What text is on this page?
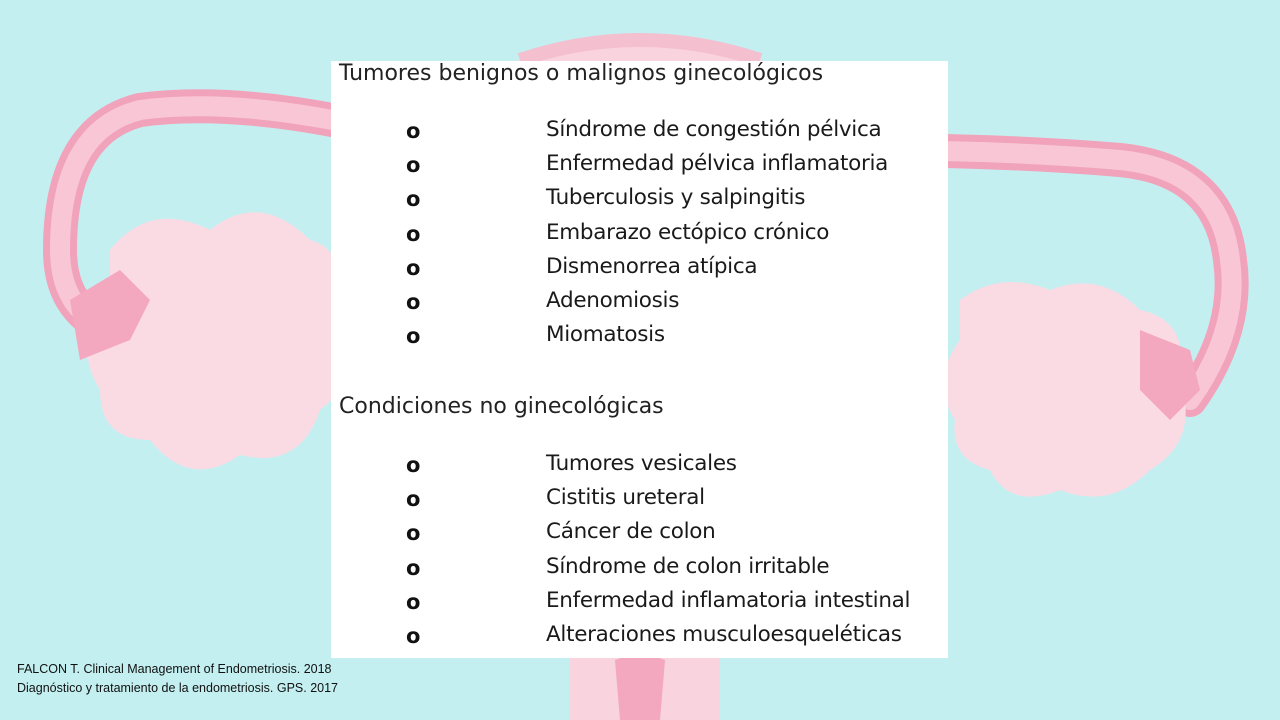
Tumores benignos o malignos ginecológicos
o	Síndrome de congestión pélvica
o	Enfermedad pélvica inflamatoria
o	Tuberculosis y salpingitis
o	Embarazo ectópico crónico
o	Dismenorrea atípica
o	Adenomiosis
o	Miomatosis
Condiciones no ginecológicas
o	Tumores vesicales
o	Cistitis ureteral
o	Cáncer de colon
o	Síndrome de colon irritable
o	Enfermedad inflamatoria intestinal
o	Alteraciones musculoesqueléticas
FALCON T. Clinical Management of Endometriosis. 2018
Diagnóstico y tratamiento de la endometriosis. GPS. 2017
